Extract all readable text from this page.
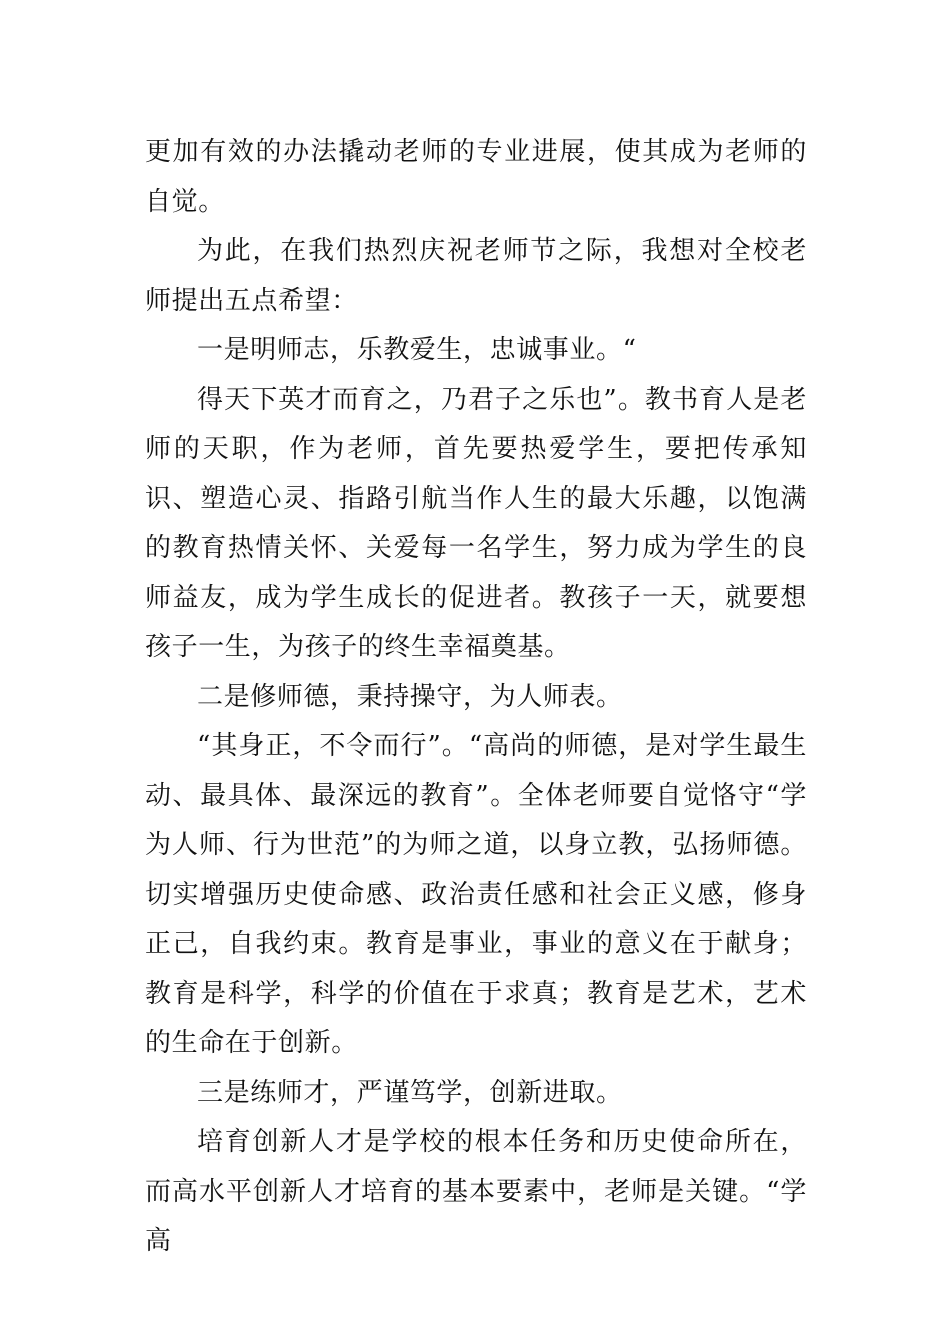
更加有效的办法撬动老师的专业进展，使其成为老师的自觉。

为此，在我们热烈庆祝老师节之际，我想对全校老师提出五点希望：

一是明师志，乐教爱生，忠诚事业。“

得天下英才而育之，乃君子之乐也”。教书育人是老师的天职，作为老师，首先要热爱学生，要把传承知识、塑造心灵、指路引航当作人生的最大乐趣，以饱满的教育热情关怀、关爱每一名学生，努力成为学生的良师益友，成为学生成长的促进者。教孩子一天，就要想孩子一生，为孩子的终生幸福奠基。

二是修师德，秉持操守，为人师表。

“其身正，不令而行”。“高尚的师德，是对学生最生动、最具体、最深远的教育”。全体老师要自觉恪守“学为人师、行为世范”的为师之道，以身立教，弘扬师德。切实增强历史使命感、政治责任感和社会正义感，修身正己，自我约束。教育是事业，事业的意义在于献身；教育是科学，科学的价值在于求真；教育是艺术，艺术的生命在于创新。

三是练师才，严谨笃学，创新进取。

培育创新人才是学校的根本任务和历史使命所在，而高水平创新人才培育的基本要素中，老师是关键。“学高
